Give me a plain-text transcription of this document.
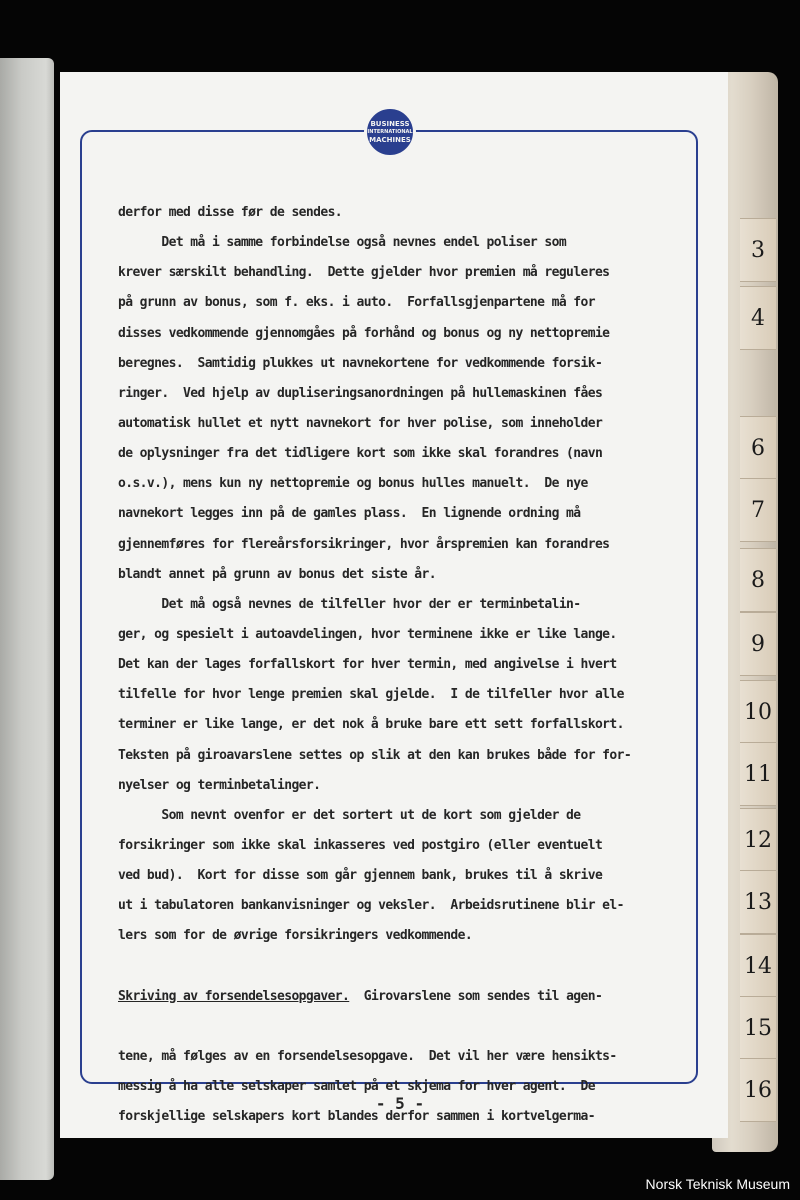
3
4
6
7
8
9
10
11
12
13
14
15
16
BUSINESS
INTERNATIONAL
MACHINES

derfor med disse før de sendes.
Det må i samme forbindelse også nevnes endel poliser som
krever særskilt behandling.  Dette gjelder hvor premien må reguleres
på grunn av bonus, som f. eks. i auto.  Forfallsgjenpartene må for
disses vedkommende gjennomgåes på forhånd og bonus og ny nettopremie
beregnes.  Samtidig plukkes ut navnekortene for vedkommende forsik-
ringer.  Ved hjelp av dupliseringsanordningen på hullemaskinen fåes
automatisk hullet et nytt navnekort for hver polise, som inneholder
de oplysninger fra det tidligere kort som ikke skal forandres (navn
o.s.v.), mens kun ny nettopremie og bonus hulles manuelt.  De nye
navnekort legges inn på de gamles plass.  En lignende ordning må
gjennemføres for flereårsforsikringer, hvor årspremien kan forandres
blandt annet på grunn av bonus det siste år.
Det må også nevnes de tilfeller hvor der er terminbetalin-
ger, og spesielt i autoavdelingen, hvor terminene ikke er like lange.
Det kan der lages forfallskort for hver termin, med angivelse i hvert
tilfelle for hvor lenge premien skal gjelde.  I de tilfeller hvor alle
terminer er like lange, er det nok å bruke bare ett sett forfallskort.
Teksten på giroavarslene settes op slik at den kan brukes både for for-
nyelser og terminbetalinger.
Som nevnt ovenfor er det sortert ut de kort som gjelder de
forsikringer som ikke skal inkasseres ved postgiro (eller eventuelt
ved bud).  Kort for disse som går gjennem bank, brukes til å skrive
ut i tabulatoren bankanvisninger og veksler.  Arbeidsrutinene blir el-
lers som for de øvrige forsikringers vedkommende.

Skriving av forsendelsesopgaver.  Girovarslene som sendes til agen-

tene, må følges av en forsendelsesopgave.  Det vil her være hensikts-
messig å ha alle selskaper samlet på et skjema for hver agent.  De
forskjellige selskapers kort blandes derfor sammen i kortvelgerma-

- 5 -
Norsk Teknisk Museum
